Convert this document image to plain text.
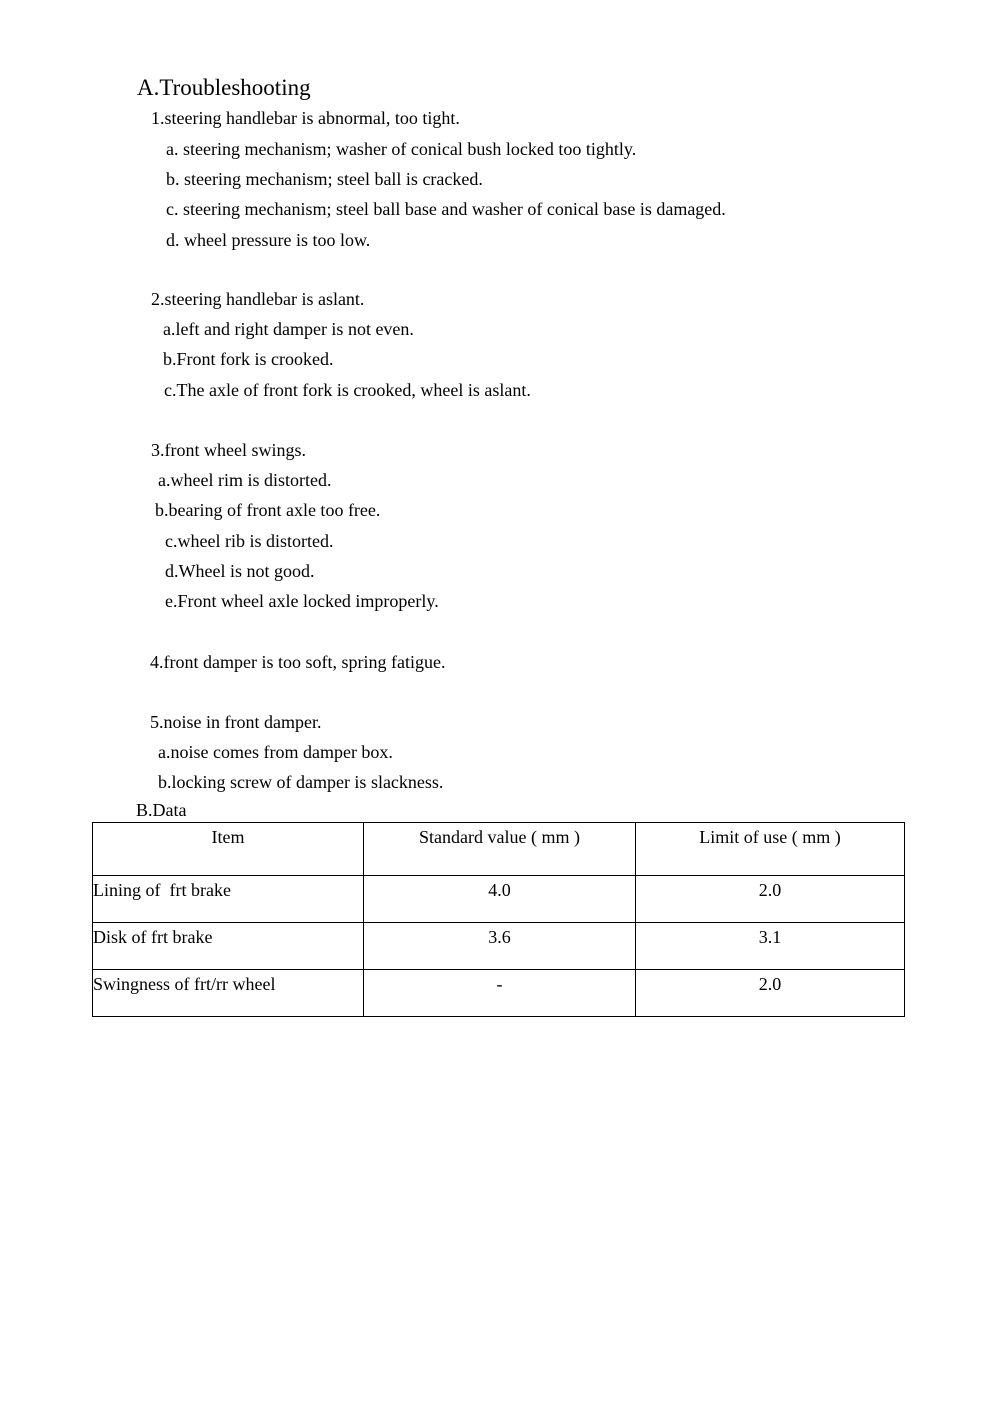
A.Troubleshooting
1.steering handlebar is abnormal, too tight.
a. steering mechanism; washer of conical bush locked too tightly.
b. steering mechanism; steel ball is cracked.
c. steering mechanism; steel ball base and washer of conical base is damaged.
d. wheel pressure is too low.
2.steering handlebar is aslant.
a.left and right damper is not even.
b.Front fork is crooked.
c.The axle of front fork is crooked, wheel is aslant.
3.front wheel swings.
a.wheel rim is distorted.
b.bearing of front axle too free.
c.wheel rib is distorted.
d.Wheel is not good.
e.Front wheel axle locked improperly.
4.front damper is too soft, spring fatigue.
5.noise in front damper.
a.noise comes from damper box.
b.locking screw of damper is slackness.
B.Data
Item	Standard value ( mm )	Limit of use ( mm )
Lining of  frt brake	4.0	2.0
Disk of frt brake	3.6	3.1
Swingness of frt/rr wheel	-	2.0
